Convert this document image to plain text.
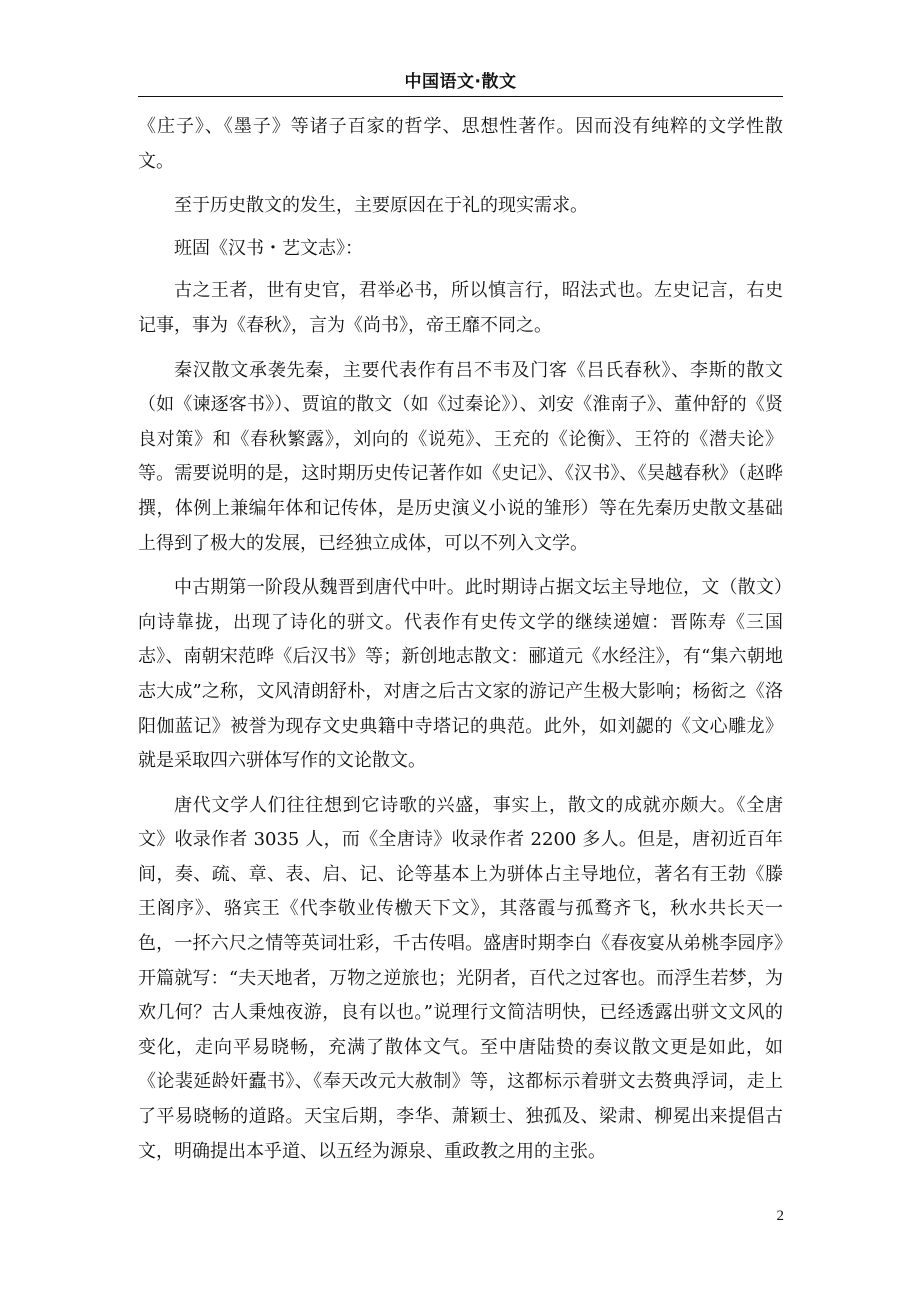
中国语文·散文

《庄子》、《墨子》等诸子百家的哲学、思想性著作。因而没有纯粹的文学性散文。

至于历史散文的发生，主要原因在于礼的现实需求。

班固《汉书・艺文志》：

古之王者，世有史官，君举必书，所以慎言行，昭法式也。左史记言，右史记事，事为《春秋》，言为《尚书》，帝王靡不同之。

秦汉散文承袭先秦，主要代表作有吕不韦及门客《吕氏春秋》、李斯的散文（如《谏逐客书》）、贾谊的散文（如《过秦论》）、刘安《淮南子》、董仲舒的《贤良对策》和《春秋繁露》，刘向的《说苑》、王充的《论衡》、王符的《潜夫论》等。需要说明的是，这时期历史传记著作如《史记》、《汉书》、《吴越春秋》（赵晔撰，体例上兼编年体和记传体，是历史演义小说的雏形）等在先秦历史散文基础上得到了极大的发展，已经独立成体，可以不列入文学。

中古期第一阶段从魏晋到唐代中叶。此时期诗占据文坛主导地位，文（散文）向诗靠拢，出现了诗化的骈文。代表作有史传文学的继续递嬗：晋陈寿《三国志》、南朝宋范晔《后汉书》等；新创地志散文：郦道元《水经注》，有“集六朝地志大成”之称，文风清朗舒朴，对唐之后古文家的游记产生极大影响；杨衒之《洛阳伽蓝记》被誉为现存文史典籍中寺塔记的典范。此外，如刘勰的《文心雕龙》就是采取四六骈体写作的文论散文。

唐代文学人们往往想到它诗歌的兴盛，事实上，散文的成就亦颇大。《全唐文》收录作者 3035 人，而《全唐诗》收录作者 2200 多人。但是，唐初近百年间，奏、疏、章、表、启、记、论等基本上为骈体占主导地位，著名有王勃《滕王阁序》、骆宾王《代李敬业传檄天下文》，其落霞与孤鹜齐飞，秋水共长天一色，一抔六尺之情等英词壮彩，千古传唱。盛唐时期李白《春夜宴从弟桃李园序》开篇就写：“夫天地者，万物之逆旅也；光阴者，百代之过客也。而浮生若梦，为欢几何？古人秉烛夜游，良有以也。”说理行文简洁明快，已经透露出骈文文风的变化，走向平易晓畅，充满了散体文气。至中唐陆贽的奏议散文更是如此，如《论裴延龄奸蠹书》、《奉天改元大赦制》等，这都标示着骈文去赘典浮词，走上了平易晓畅的道路。天宝后期，李华、萧颖士、独孤及、梁肃、柳冕出来提倡古文，明确提出本乎道、以五经为源泉、重政教之用的主张。

2
